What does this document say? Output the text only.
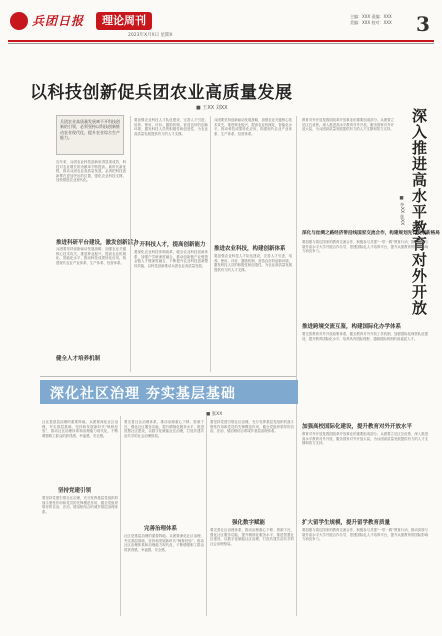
兵团日报	理论周刊	主编：XXX 责编：XXX
美编：XXX 校对：XXX	3
2023年X月X日 星期X
以科技创新促兵团农业高质量发展
■ 王XX 刘XX
兵团农业高质量发展离不开科技创新的引领，必须坚持以科技创新推动农业现代化，提升农业综合生产能力。
推进科研平台建设，激发创新活力
健全人才培养机制
广开科技人才，提高创新能力
推进农业科技，构建创新体系
近年来，兵团农业科技创新取得显著成效，科技对农业增长的贡献率不断提高。新时代新征程，推动兵团农业高质量发展，必须把科技创新摆在更加突出的位置，强化农业科技支撑，加快推进农业现代化。
兵团要坚持创新驱动发展战略，加强农业关键核心技术攻关，推进种业振兴，提高农业机械化、智能化水平，推动科技成果转化应用，构建现代农业产业体系、生产体系、经营体系。
要加强农业科技人才队伍建设，完善人才引进、培养、使用、评价、激励机制，营造良好的创新环境，激发科技人员的积极性和创造性，为农业高质量发展提供有力的人才支撑。
要深化农业科技体制改革，健全农业科技创新体系，加强产学研深度融合，推动创新链产业链资金链人才链深度融合，不断提升农业科技创新整体效能，以科技创新推动兵团农业高质量发展。
兵团要坚持创新驱动发展战略，加强农业关键核心技术攻关，推进种业振兴，提高农业机械化、智能化水平，推动科技成果转化应用，构建现代农业产业体系、生产体系、经营体系。
要加强农业科技人才队伍建设，完善人才引进、培养、使用、评价、激励机制，营造良好的创新环境，激发科技人员的积极性和创造性，为农业高质量发展提供有力的人才支撑。	深入推进高水平教育对外开放
■ 李XX 张XX
教育对外开放是我国改革开放事业的重要组成部分。兵团要立足区位优势，深入推进高水平教育对外开放，服务国家对外开放大局，为兵团高质量发展提供有力的人才支撑和智力支持。
深化与丝绸之路经济带沿线国家交流合作，构建规划先行发展新格局
要加强与周边国家的教育交流合作，积极参与共建“一带一路”教育行动，推动高校与境外高水平大学开展合作办学，搭建国际化人才培养平台，提升兵团教育的国际影响力和竞争力。
推进跨境交流互鉴，构建国际化办学体系
要完善教育对外开放政策体系，健全教育对外开放工作机制，加强国际化师资队伍建设，提升教育国际化水平，培养具有国际视野、通晓国际规则的高素质人才。
加强高校国际化建设，提升教育对外开放水平
教育对外开放是我国改革开放事业的重要组成部分。兵团要立足区位优势，深入推进高水平教育对外开放，服务国家对外开放大局，为兵团高质量发展提供有力的人才支撑和智力支持。
扩大留学生规模，提升留学教育质量
要加强与周边国家的教育交流合作，积极参与共建“一带一路”教育行动，推动高校与境外高水平大学开展合作办学，搭建国际化人才培养平台，提升兵团教育的国际影响力和竞争力。
深化社区治理 夯实基层基础
■ 张XX
社区是基层治理的重要阵地。兵团要深化社区治理，夯实基层基础，坚持和发展新时代“枫桥经验”，推动社区治理体系和治理能力现代化，不断增强职工群众的获得感、幸福感、安全感。
坚持党建引领
要坚持党建引领社区治理，充分发挥基层党组织的战斗堡垒作用和党员的先锋模范作用，健全党组织领导的自治、法治、德治相结合的城乡基层治理体系。
要完善社区治理体系，推动治理重心下移、资源下沉，强化社区服务功能，提升精细化服务水平，推进智慧社区建设，以数字化赋能社区治理，打造共建共治共享的社会治理格局。
完善治理体系
社区是基层治理的重要阵地。兵团要深化社区治理，夯实基层基础，坚持和发展新时代“枫桥经验”，推动社区治理体系和治理能力现代化，不断增强职工群众的获得感、幸福感、安全感。
要坚持党建引领社区治理，充分发挥基层党组织的战斗堡垒作用和党员的先锋模范作用，健全党组织领导的自治、法治、德治相结合的城乡基层治理体系。
强化数字赋能
要完善社区治理体系，推动治理重心下移、资源下沉，强化社区服务功能，提升精细化服务水平，推进智慧社区建设，以数字化赋能社区治理，打造共建共治共享的社会治理格局。
